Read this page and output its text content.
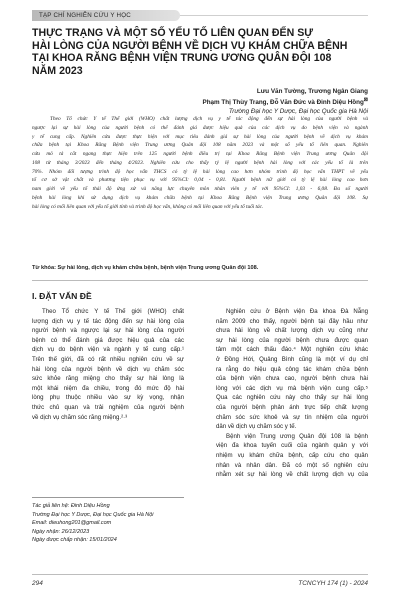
TẠP CHÍ NGHIÊN CỨU Y HỌC
THỰC TRẠNG VÀ MỘT SỐ YẾU TỐ LIÊN QUAN ĐẾN SỰ
HÀI LÒNG CỦA NGƯỜI BỆNH VỀ DỊCH VỤ KHÁM CHỮA BỆNH
TẠI KHOA RĂNG BỆNH VIỆN TRUNG ƯƠNG QUÂN ĐỘI 108
NĂM 2023
Lưu Văn Tường, Trương Ngân Giang
Phạm Thị Thùy Trang, Đỗ Văn Đức và Đinh Diệu Hồng⊠
Trường Đại học Y Dược, Đại học Quốc gia Hà Nội
Theo Tổ chức Y tế Thế giới (WHO) chất lượng dịch vụ y tế tác động đến sự hài lòng của người bệnh và
ngược lại sự hài lòng của người bệnh có thể đánh giá được hiệu quả của các dịch vụ do bệnh viện và ngành
y tế cung cấp. Nghiên cứu được thực hiện với mục tiêu đánh giá sự hài lòng của người bệnh về dịch vụ khám
chữa bệnh tại Khoa Răng Bệnh viện Trung ương Quân đội 108 năm 2023 và một số yếu tố liên quan. Nghiên
cứu mô tả cắt ngang thực hiện trên 125 người bệnh điều trị tại Khoa Răng Bệnh viện Trung ương Quân đội
108 từ tháng 3/2023 đến tháng 4/2023. Nghiên cứu cho thấy tỷ lệ người bệnh hài lòng với các yếu tố là trên
70%. Nhóm đối tượng trình độ học vấn THCS có tỷ lệ hài lòng cao hơn nhóm trình độ học vấn THPT về yếu
tố cơ sở vật chất và phương tiện phục vụ với 95%CI: 0,04 - 0,81. Người bệnh nữ giới có tỷ lệ hài lòng cao hơn
nam giới về yếu tố thái độ ứng xử và năng lực chuyên môn nhân viên y tế với 95%CI: 1,03 - 6,08. Đa số người
bệnh hài lòng khi sử dụng dịch vụ khám chữa bệnh tại Khoa Răng Bệnh viện Trung ương Quân đội 108. Sự
hài lòng có mối liên quan với yếu tố giới tính và trình độ học vấn, không có mối liên quan với yếu tố tuổi tác.
Từ khóa: Sự hài lòng, dịch vụ khám chữa bệnh, bệnh viện Trung ương Quân đội 108.
I. ĐẶT VẤN ĐỀ
Theo Tổ chức Y tế Thế giới (WHO) chất
lượng dịch vụ y tế tác động đến sự hài lòng của
người bệnh và ngược lại sự hài lòng của người
bệnh có thể đánh giá được hiệu quả của các
dịch vụ do bệnh viện và ngành y tế cung cấp.¹
Trên thế giới, đã có rất nhiều nghiên cứu về sự
hài lòng của người bệnh về dịch vụ chăm sóc
sức khỏe răng miệng cho thấy sự hài lòng là
một khái niệm đa chiều, trong đó mức độ hài
lòng phụ thuộc nhiều vào sự kỳ vọng, nhận
thức chủ quan và trải nghiệm của người bệnh
về dịch vụ chăm sóc răng miệng.²·³
Tác giả liên hệ: Đinh Diệu Hồng
Trường Đại học Y Dược, Đại học Quốc gia Hà Nội
Email: dieuhong201@gmail.com
Ngày nhận: 26/12/2023
Ngày được chấp nhận: 15/01/2024
Nghiên cứu ở Bệnh viện Đa khoa Đà Nẵng
năm 2009 cho thấy, người bệnh tại đây hầu như
chưa hài lòng về chất lượng dịch vụ cũng như
sự hài lòng của người bệnh chưa được quan
tâm một cách thấu đáo.⁴ Một nghiên cứu khác
ở Đồng Hới, Quảng Bình cũng là một ví dụ chỉ
ra rằng do hiệu quả công tác khám chữa bệnh
của bệnh viện chưa cao, người bệnh chưa hài
lòng với các dịch vụ mà bệnh viện cung cấp.⁵
Qua các nghiên cứu này cho thấy sự hài lòng
của người bệnh phản ánh trực tiếp chất lượng
chăm sóc sức khoẻ và sự tín nhiệm của người
dân về dịch vụ chăm sóc y tế.
Bệnh viện Trung ương Quân đội 108 là bệnh
viện đa khoa tuyến cuối của ngành quân y với
nhiệm vụ khám chữa bệnh, cấp cứu cho quân
nhân và nhân dân. Đã có một số nghiên cứu
nhằm xét sự hài lòng về chất lượng dịch vụ của
294	TCNCYH 174 (1) - 2024
